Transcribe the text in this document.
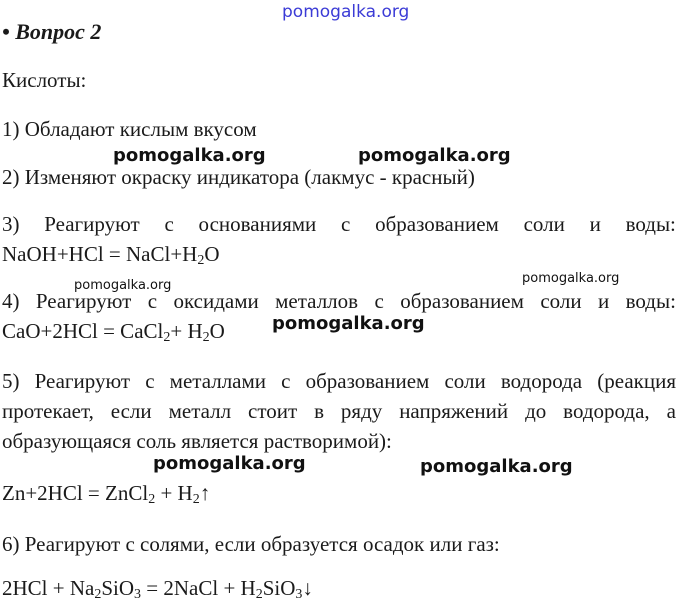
pomogalka.org
pomogalka.org	pomogalka.org
pomogalka.org	pomogalka.org
pomogalka.org
pomogalka.org	pomogalka.org
• Вопрос 2
Кислоты:
1) Обладают кислым вкусом
2) Изменяют окраску индикатора (лакмус - красный)
3) Реагируют с основаниями с образованием соли и воды:
NaOH+HCl = $NaCl+H_2O$
4) Реагируют с оксидами металлов с образованием соли и воды:
CaO+2HCl = CaCl$_2$+ $H_2O$
5) Реагируют с металлами с образованием соли водорода (реакция
протекает, если металл стоит в ряду напряжений до водорода, а
образующаяся соль является растворимой):
Zn+2HCl = ZnCl$_2$ + $H_2↑$
6) Реагируют с солями, если образуется осадок или газ:
$2HCl + Na_2SiO_3$ = 2NaCl + $H_2SiO_3↓$
